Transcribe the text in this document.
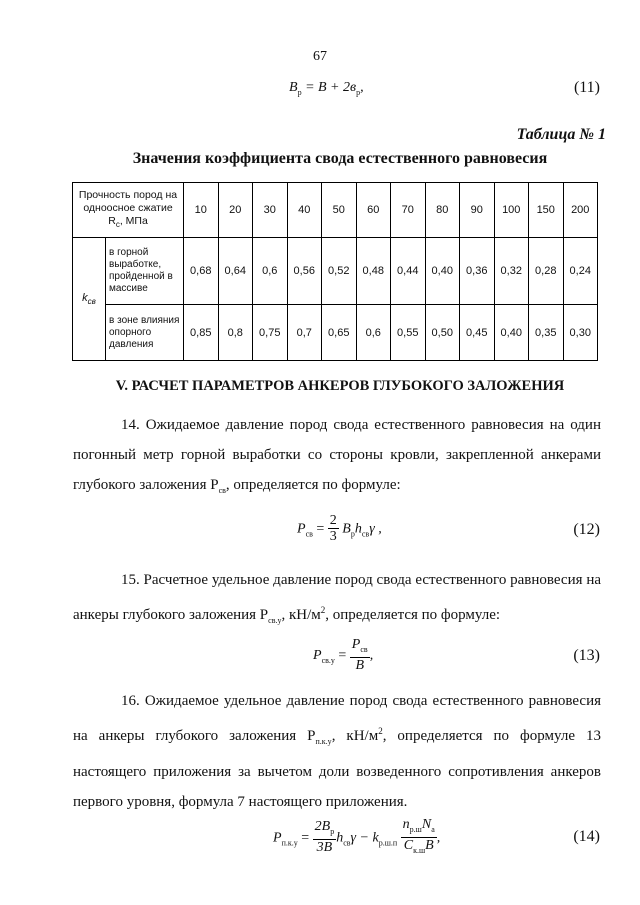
67
$B_р = B + 2в_р$,	(11)
Таблица № 1
Значения коэффициента свода естественного равновесия
Прочность пород на одноосное сжатие $R_с$, МПа		10	20	30	40	50	60	70	80	90	100	150	200
$k_{св}$	в горной выработке, пройденной в массиве	0,68	0,64	0,6	0,56	0,52	0,48	0,44	0,40	0,36	0,32	0,28	0,24
	в зоне влияния опорного давления	0,85	0,8	0,75	0,7	0,65	0,6	0,55	0,50	0,45	0,40	0,35	0,30
V. РАСЧЕТ ПАРАМЕТРОВ АНКЕРОВ ГЛУБОКОГО ЗАЛОЖЕНИЯ
14. Ожидаемое давление пород свода естественного равновесия на один погонный метр горной выработки со стороны кровли, закрепленной анкерами глубокого заложения $P_{св}$, определяется по формуле:
$P_{св} = \frac{2}{3} B_рh_{св}\gamma$ ,	(12)
15. Расчетное удельное давление пород свода естественного равновесия на анкеры глубокого заложения $P_{св.у}$, $кН/м^2$, определяется по формуле:
$P_{св.у} = \frac{P_{св}}{B}$ ,	(13)
16. Ожидаемое удельное давление пород свода естественного равновесия на анкеры глубокого заложения $P_{п.к.у}$, $кН/м^2$, определяется по формуле 13 настоящего приложения за вычетом доли возведенного сопротивления анкеров первого уровня, формула 7 настоящего приложения.
$P_{п.к.у} = \frac{2B_р}{3B} h_{св}\gamma - k_{р.ш.п} \frac{n_{р.ш}N_а}{C_{к.ш}B}$ ,	(14)
